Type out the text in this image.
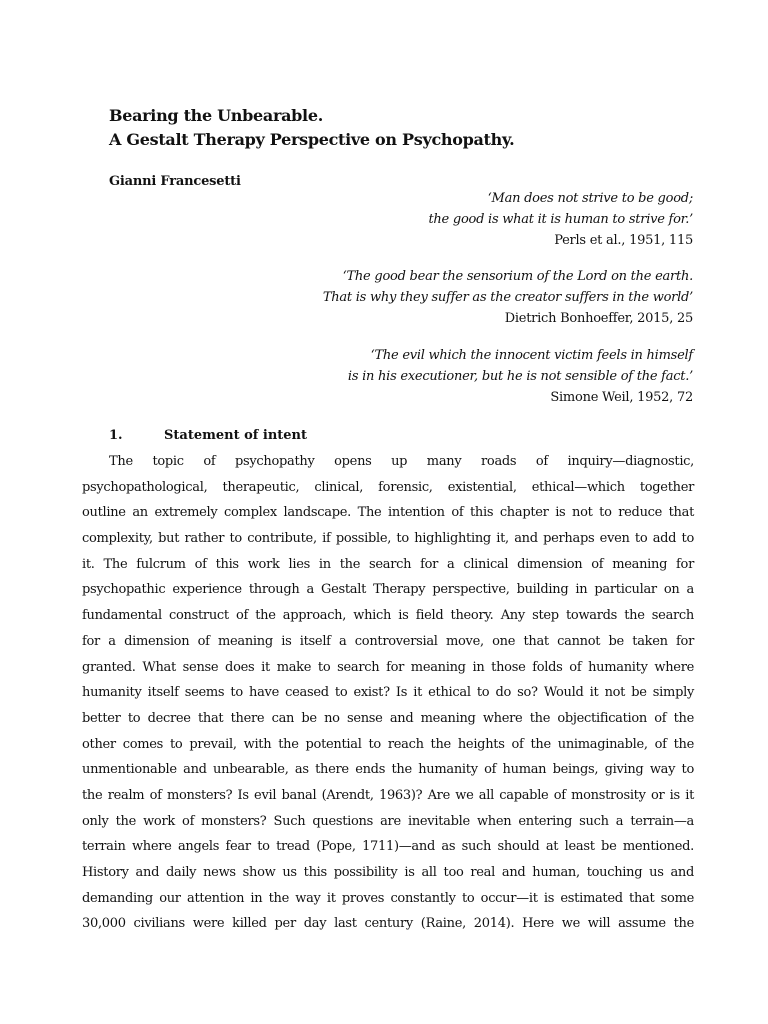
Bearing the Unbearable.
A Gestalt Therapy Perspective on Psychopathy.
Gianni Francesetti
‘Man does not strive to be good;
the good is what it is human to strive for.’
Perls et al., 1951, 115
‘The good bear the sensorium of the Lord on the earth.
That is why they suffer as the creator suffers in the world’
Dietrich Bonhoeffer, 2015, 25
‘The evil which the innocent victim feels in himself
is in his executioner, but he is not sensible of the fact.’
Simone Weil, 1952, 72
1.	Statement of intent
The topic of psychopathy opens up many roads of inquiry—diagnostic,
psychopathological, therapeutic, clinical, forensic, existential, ethical—which together
outline an extremely complex landscape. The intention of this chapter is not to reduce that
complexity, but rather to contribute, if possible, to highlighting it, and perhaps even to add to
it. The fulcrum of this work lies in the search for a clinical dimension of meaning for
psychopathic experience through a Gestalt Therapy perspective, building in particular on a
fundamental construct of the approach, which is field theory. Any step towards the search
for a dimension of meaning is itself a controversial move, one that cannot be taken for
granted. What sense does it make to search for meaning in those folds of humanity where
humanity itself seems to have ceased to exist? Is it ethical to do so? Would it not be simply
better to decree that there can be no sense and meaning where the objectification of the
other comes to prevail, with the potential to reach the heights of the unimaginable, of the
unmentionable and unbearable, as there ends the humanity of human beings, giving way to
the realm of monsters? Is evil banal (Arendt, 1963)? Are we all capable of monstrosity or is it
only the work of monsters? Such questions are inevitable when entering such a terrain—a
terrain where angels fear to tread (Pope, 1711)—and as such should at least be mentioned.
History and daily news show us this possibility is all too real and human, touching us and
demanding our attention in the way it proves constantly to occur—it is estimated that some
30,000 civilians were killed per day last century (Raine, 2014). Here we will assume the
